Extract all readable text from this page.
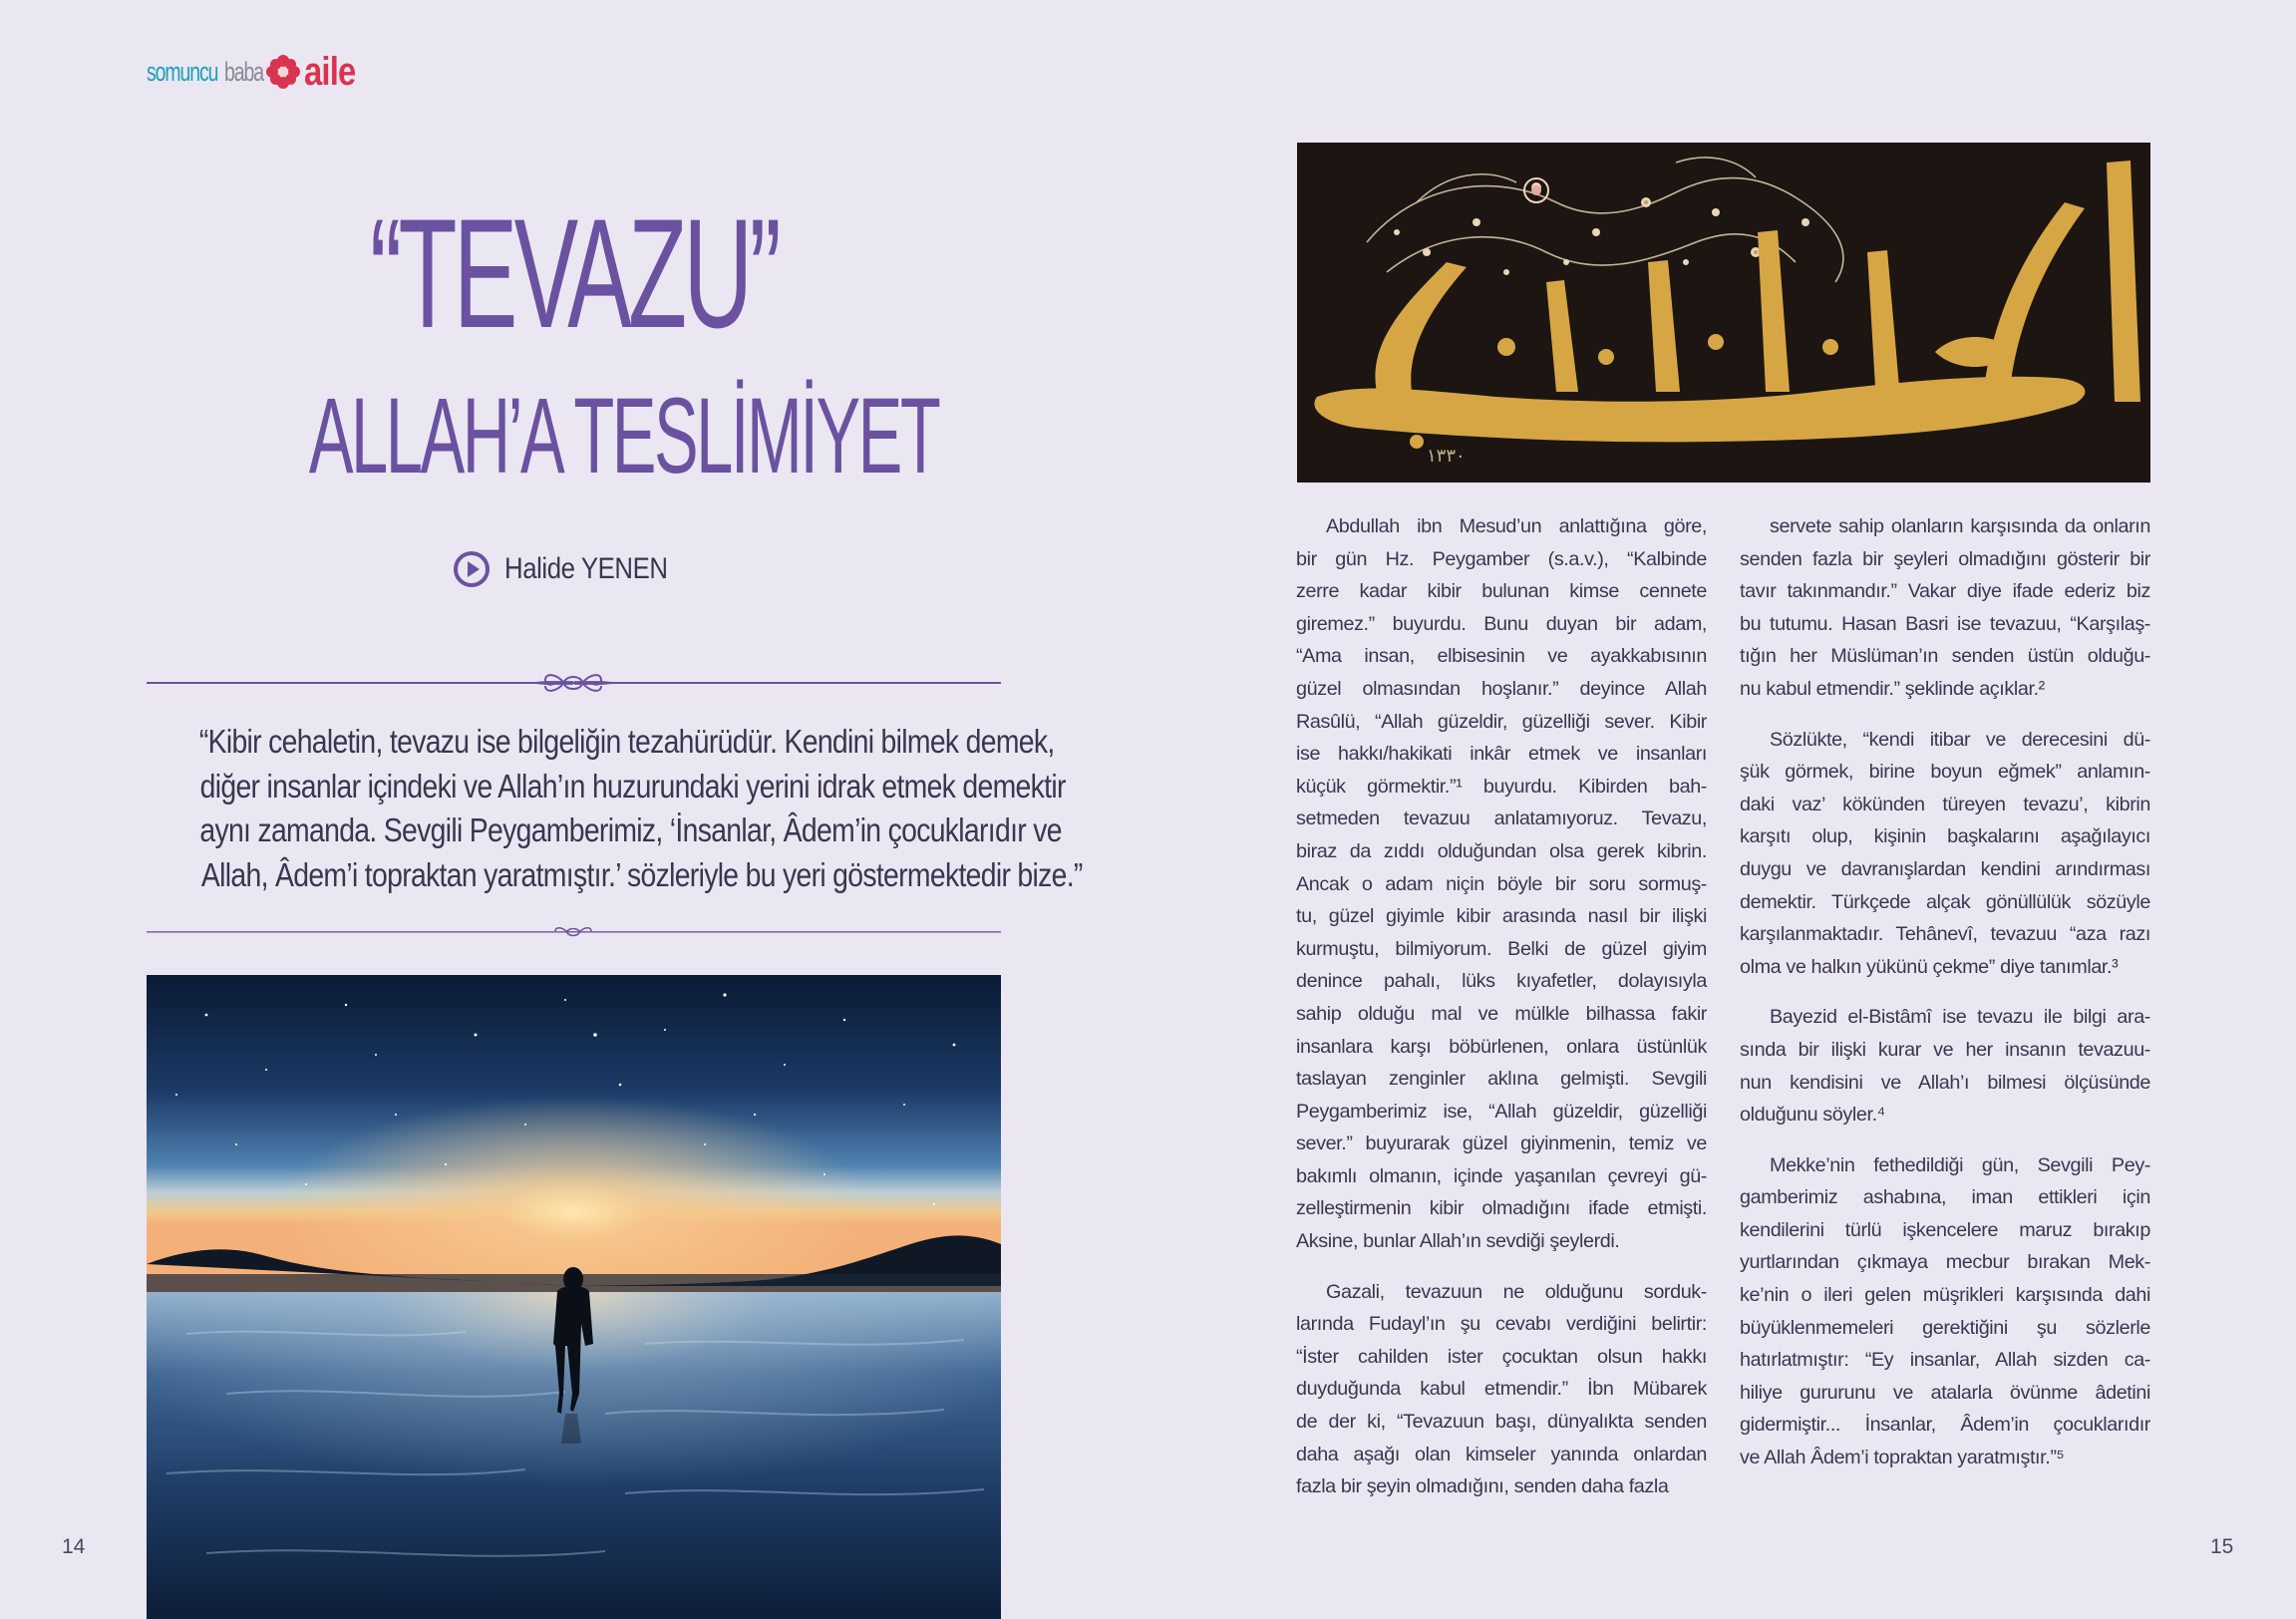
somuncu baba aile
“TEVAZU”
ALLAH’A TESLİMİYET
Halide YENEN
“Kibir cehaletin, tevazu ise bilgeliğin tezahürüdür. Kendini bilmek demek,
diğer insanlar içindeki ve Allah’ın huzurundaki yerini idrak etmek demektir
aynı zamanda. Sevgili Peygamberimiz, ‘İnsanlar, Âdem’in çocuklarıdır ve
Allah, Âdem’i topraktan yaratmıştır.’ sözleriyle bu yeri göstermektedir bize.”
١٣٣٠

Abdullah ibn Mesud’un anlattığına göre,
bir gün Hz. Peygamber (s.a.v.), “Kalbinde
zerre kadar kibir bulunan kimse cennete
giremez.” buyurdu. Bunu duyan bir adam,
“Ama insan, elbisesinin ve ayakkabısının
güzel olmasından hoşlanır.” deyince Allah
Rasûlü, “Allah güzeldir, güzelliği sever. Kibir
ise hakkı/hakikati inkâr etmek ve insanları
küçük görmektir.”¹ buyurdu. Kibirden bah-
setmeden tevazuu anlatamıyoruz. Tevazu,
biraz da zıddı olduğundan olsa gerek kibrin.
Ancak o adam niçin böyle bir soru sormuş-
tu, güzel giyimle kibir arasında nasıl bir ilişki
kurmuştu, bilmiyorum. Belki de güzel giyim
denince pahalı, lüks kıyafetler, dolayısıyla
sahip olduğu mal ve mülkle bilhassa fakir
insanlara karşı böbürlenen, onlara üstünlük
taslayan zenginler aklına gelmişti. Sevgili
Peygamberimiz ise, “Allah güzeldir, güzelliği
sever.” buyurarak güzel giyinmenin, temiz ve
bakımlı olmanın, içinde yaşanılan çevreyi gü-
zelleştirmenin kibir olmadığını ifade etmişti.
Aksine, bunlar Allah’ın sevdiği şeylerdi.

Gazali, tevazuun ne olduğunu sorduk-
larında Fudayl’ın şu cevabı verdiğini belirtir:
“İster cahilden ister çocuktan olsun hakkı
duyduğunda kabul etmendir.” İbn Mübarek
de der ki, “Tevazuun başı, dünyalıkta senden
daha aşağı olan kimseler yanında onlardan
fazla bir şeyin olmadığını, senden daha fazla

servete sahip olanların karşısında da onların
senden fazla bir şeyleri olmadığını gösterir bir
tavır takınmandır.” Vakar diye ifade ederiz biz
bu tutumu. Hasan Basri ise tevazuu, “Karşılaş-
tığın her Müslüman’ın senden üstün olduğu-
nu kabul etmendir.” şeklinde açıklar.²

Sözlükte, “kendi itibar ve derecesini dü-
şük görmek, birine boyun eğmek” anlamın-
daki vaz’ kökünden türeyen tevazu’, kibrin
karşıtı olup, kişinin başkalarını aşağılayıcı
duygu ve davranışlardan kendini arındırması
demektir. Türkçede alçak gönüllülük sözüyle
karşılanmaktadır. Tehânevî, tevazuu “aza razı
olma ve halkın yükünü çekme” diye tanımlar.³

Bayezid el-Bistâmî ise tevazu ile bilgi ara-
sında bir ilişki kurar ve her insanın tevazuu-
nun kendisini ve Allah’ı bilmesi ölçüsünde
olduğunu söyler.⁴

Mekke’nin fethedildiği gün, Sevgili Pey-
gamberimiz ashabına, iman ettikleri için
kendilerini türlü işkencelere maruz bırakıp
yurtlarından çıkmaya mecbur bırakan Mek-
ke’nin o ileri gelen müşrikleri karşısında dahi
büyüklenmemeleri gerektiğini şu sözlerle
hatırlatmıştır: “Ey insanlar, Allah sizden ca-
hiliye gururunu ve atalarla övünme âdetini
gidermiştir... İnsanlar, Âdem’in çocuklarıdır
ve Allah Âdem’i topraktan yaratmıştır.”⁵

14	15
